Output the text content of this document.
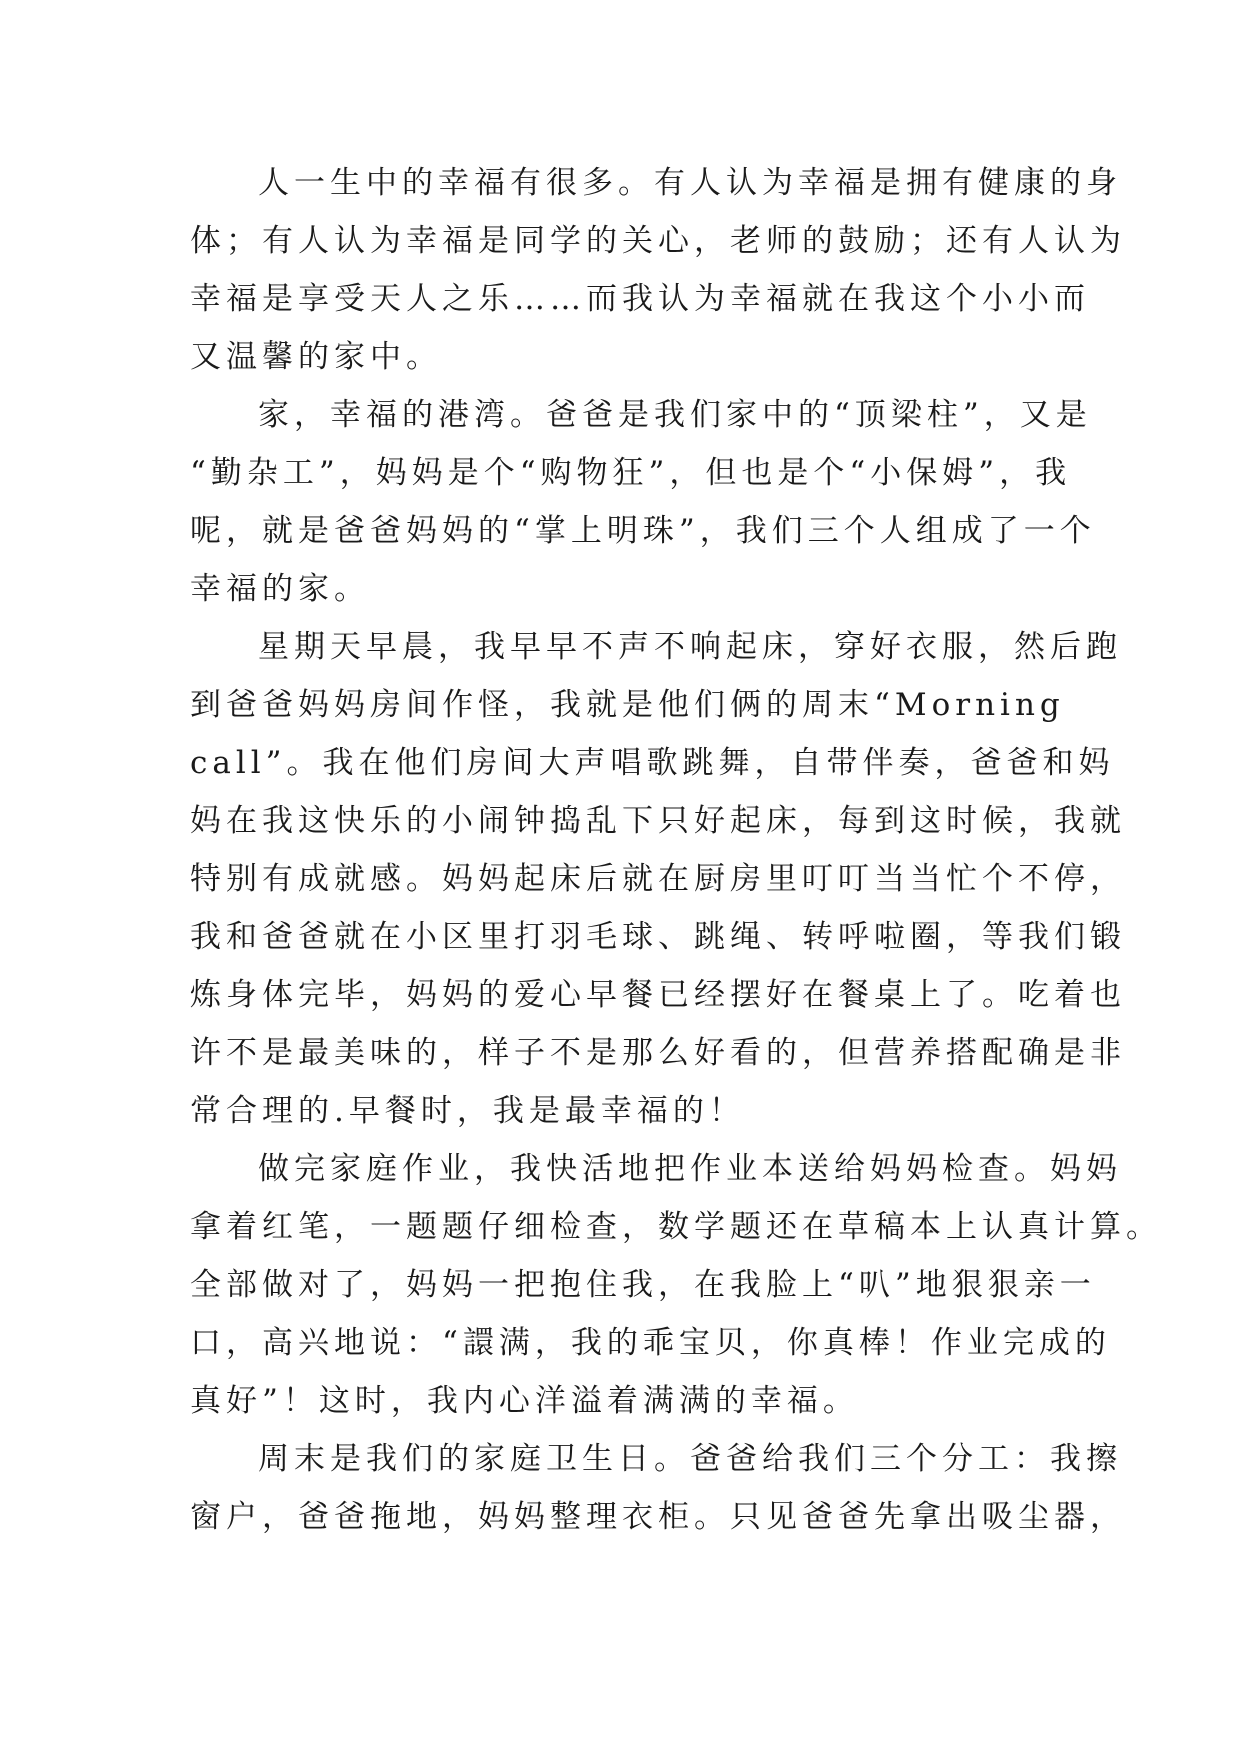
人一生中的幸福有很多。有人认为幸福是拥有健康的身
体；有人认为幸福是同学的关心，老师的鼓励；还有人认为
幸福是享受天人之乐……而我认为幸福就在我这个小小而
又温馨的家中。
家，幸福的港湾。爸爸是我们家中的“顶梁柱”，又是
“勤杂工”，妈妈是个“购物狂”，但也是个“小保姆”，我
呢，就是爸爸妈妈的“掌上明珠”，我们三个人组成了一个
幸福的家。
星期天早晨，我早早不声不响起床，穿好衣服，然后跑
到爸爸妈妈房间作怪，我就是他们俩的周末“Morning
call”。我在他们房间大声唱歌跳舞，自带伴奏，爸爸和妈
妈在我这快乐的小闹钟捣乱下只好起床，每到这时候，我就
特别有成就感。妈妈起床后就在厨房里叮叮当当忙个不停，
我和爸爸就在小区里打羽毛球、跳绳、转呼啦圈，等我们锻
炼身体完毕，妈妈的爱心早餐已经摆好在餐桌上了。吃着也
许不是最美味的，样子不是那么好看的，但营养搭配确是非
常合理的.早餐时，我是最幸福的！
做完家庭作业，我快活地把作业本送给妈妈检查。妈妈
拿着红笔，一题题仔细检查，数学题还在草稿本上认真计算。
全部做对了，妈妈一把抱住我，在我脸上“叭”地狠狠亲一
口，高兴地说：“譞满，我的乖宝贝，你真棒！作业完成的
真好”！这时，我内心洋溢着满满的幸福。
周末是我们的家庭卫生日。爸爸给我们三个分工：我擦
窗户，爸爸拖地，妈妈整理衣柜。只见爸爸先拿出吸尘器，
